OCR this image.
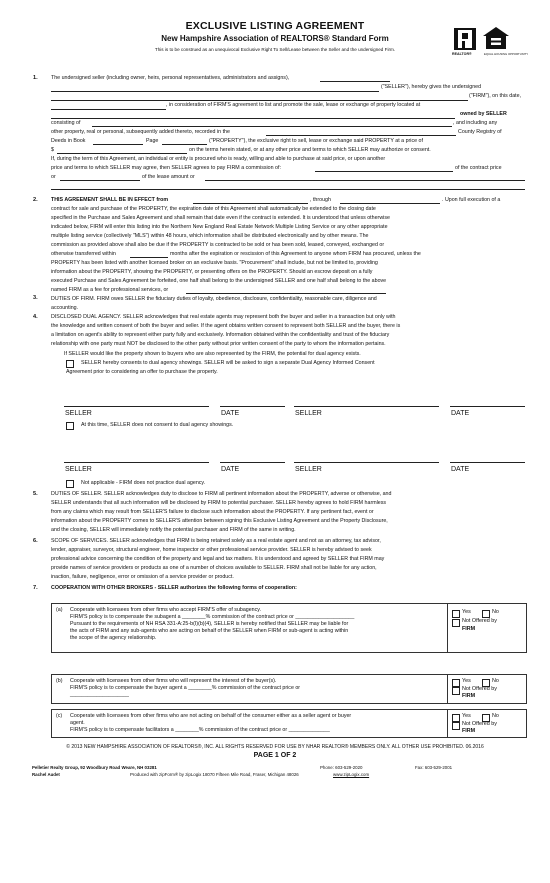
EXCLUSIVE LISTING AGREEMENT
New Hampshire Association of REALTORS® Standard Form
This is to be construed as an unequivocal Exclusive Right To Sell/Lease between the Seller and the undersigned Firm.
REALTOR®	EQUAL HOUSING OPPORTUNITY
1.	The undersigned seller (including owner, heirs, personal representatives, administrators and assigns),
("SELLER"), hereby gives the undersigned
("FIRM"), on this date,
, in consideration of FIRM'S agreement to list and promote the sale, lease or exchange of property located at
owned by SELLER
consisting of	, and including any
other property, real or personal, subsequently added thereto, recorded in the	County Registry of
Deeds in Book	Page	("PROPERTY"), the exclusive right to sell, lease or exchange said PROPERTY at a price of
$	on the terms herein stated, or at any other price and terms to which SELLER may authorize or consent.
If, during the term of this Agreement, an individual or entity is procured who is ready, willing and able to purchase at said price, or upon another
price and terms to which SELLER may agree, then SELLER agrees to pay FIRM a commission of:	of the contract price
or	of the lease amount or
2.	THIS AGREEMENT SHALL BE IN EFFECT from	, through	. Upon full execution of a
contract for sale and purchase of the PROPERTY, the expiration date of this Agreement shall automatically be extended to the closing date
specified in the Purchase and Sales Agreement and shall remain that date even if the contract is extended. It is understood that unless otherwise
indicated below, FIRM will enter this listing into the Northern New England Real Estate Network Multiple Listing Service or any other appropriate
multiple listing service (collectively "MLS") within 48 hours, which information shall be distributed electronically and by other means. The
commission as provided above shall also be due if the PROPERTY is contracted to be sold or has been sold, leased, conveyed, exchanged or
otherwise transferred within	months after the expiration or rescission of this Agreement to anyone whom FIRM has procured, unless the
PROPERTY has been listed with another licensed broker on an exclusive basis. "Procurement" shall include, but not be limited to, providing
information about the PROPERTY, showing the PROPERTY, or presenting offers on the PROPERTY. Should an escrow deposit on a fully
executed Purchase and Sales Agreement be forfeited, one half shall belong to the undersigned SELLER and one half shall belong to the above
named FIRM as a fee for professional services, or
3.	DUTIES OF FIRM. FIRM owes SELLER the fiduciary duties of loyalty, obedience, disclosure, confidentiality, reasonable care, diligence and
accounting.
4.	DISCLOSED DUAL AGENCY. SELLER acknowledges that real estate agents may represent both the buyer and seller in a transaction but only with
the knowledge and written consent of both the buyer and seller. If the agent obtains written consent to represent both SELLER and the buyer, there is
a limitation on agent's ability to represent either party fully and exclusively. Information obtained within the confidentiality and trust of the fiduciary
relationship with one party must NOT be disclosed to the other party without prior written consent of the party to whom the information pertains.
If SELLER would like the property shown to buyers who are also represented by the FIRM, the potential for dual agency exists.
SELLER hereby consents to dual agency showings. SELLER will be asked to sign a separate Dual Agency Informed Consent
Agreement prior to considering an offer to purchase the property.
SELLER	DATE	SELLER	DATE
At this time, SELLER does not consent to dual agency showings.
SELLER	DATE	SELLER	DATE
Not applicable - FIRM does not practice dual agency.
5.	DUTIES OF SELLER. SELLER acknowledges duty to disclose to FIRM all pertinent information about the PROPERTY, adverse or otherwise, and
SELLER understands that all such information will be disclosed by FIRM to potential purchaser. SELLER hereby agrees to hold FIRM harmless
from any claims which may result from SELLER'S failure to disclose such information about the PROPERTY. If any pertinent fact, event or
information about the PROPERTY comes to SELLER'S attention between signing this Exclusive Listing Agreement and the Property Disclosure,
and the closing, SELLER will immediately notify the potential purchaser and FIRM of the same in writing.
6.	SCOPE OF SERVICES. SELLER acknowledges that FIRM is being retained solely as a real estate agent and not as an attorney, tax advisor,
lender, appraiser, surveyor, structural engineer, home inspector or other professional service provider. SELLER is hereby advised to seek
professional advice concerning the condition of the property and legal and tax matters. It is understood and agreed by SELLER that FIRM may
provide names of service providers or products as one of a number of choices available to SELLER. FIRM shall not be liable for any action,
inaction, failure, negligence, error or omission of a service provider or product.
7.	COOPERATION WITH OTHER BROKERS - SELLER authorizes the following forms of cooperation:
(a) Cooperate with licensees from other firms who accept FIRM'S offer of subagency.
FIRM'S policy is to compensate the subagent a ________% commission of the contract price or ____________________
Pursuant to the requirements of NH RSA 331-A:25-b(I)(b)(4), SELLER is hereby notified that SELLER may be liable for
the acts of FIRM and any sub-agents who are acting on behalf of the SELLER when FIRM or sub-agent is acting within
the scope of the agency relationship.
Yes	No
Not Offered by
FIRM
(b) Cooperate with licensees from other firms who will represent the interest of the buyer(s).
FIRM'S policy is to compensate the buyer agent a ________% commission of the contract price or
____________________
Yes	No
Not Offered by
FIRM
(c) Cooperate with licensees from other firms who are not acting on behalf of the consumer either as a seller agent or buyer
agent.
FIRM'S policy is to compensate facilitators a ________% commission of the contract price or ______________
Yes	No
Not Offered by
FIRM
© 2013 NEW HAMPSHIRE ASSOCIATION OF REALTORS®, INC. ALL RIGHTS RESERVED FOR USE BY NHAR REALTOR® MEMBERS ONLY. ALL OTHER USE PROHIBITED. 06.2016
PAGE 1 OF 2
Pelletier Realty Group, 92 Woodbury Road Weare, NH 03281	Phone: 603-529-2020	Fax: 603-529-2001
Rachel Audet	Produced with zipForm® by zipLogix 18070 Fifteen Mile Road, Fraser, Michigan 48026	www.zipLogix.com
